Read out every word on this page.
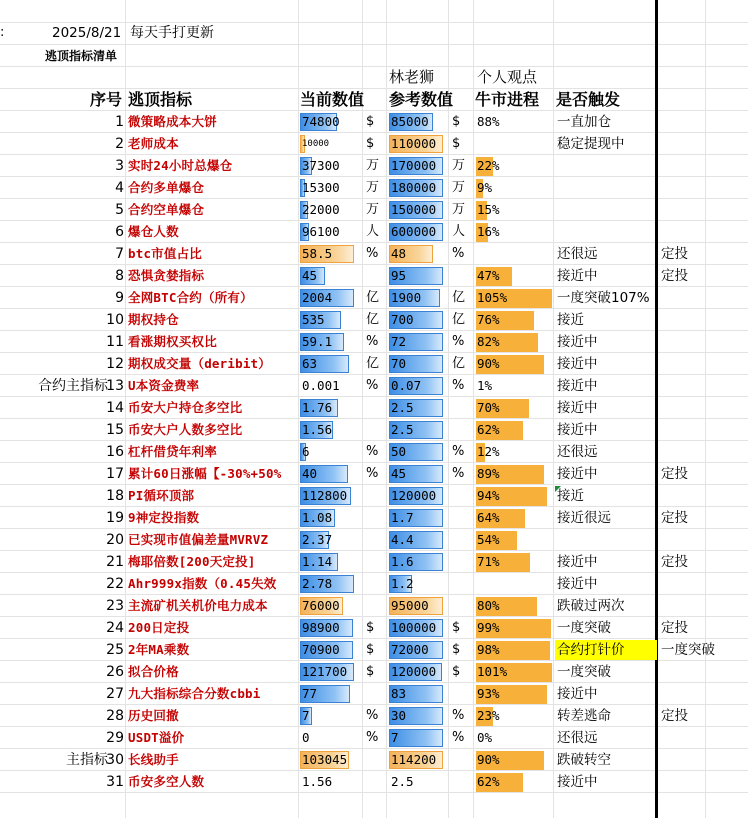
:	2025/8/21 每天手打更新
逃顶指标清单
林老狮	个人观点
序号 逃顶指标	当前数值 参考数值 牛市进程 是否触发
1 微策略成本大饼	74800 $ 85000 $ 88%	一直加仓
2 老师成本	10000	$ 110000 $	稳定提现中
3 实时24小时总爆仓	37300 万 170000 万 22%
4 合约多单爆仓	15300 万 180000 万 9%
5 合约空单爆仓	22000 万 150000 万 15%
6 爆仓人数	96100 人 600000 人 16%
7 btc市值占比	58.5	% 48	%	还很远	定投
8 恐惧贪婪指标	45	95	47%	接近中	定投
9 全网BTC合约（所有）	2004	亿 1900 亿 105%	一度突破107%
10 期权持仓	535	亿 700	亿 76%	接近
11 看涨期权买权比	59.1	% 72	% 82%	接近中
12 期权成交量（deribit） 63	亿 70	亿 90%	接近中
合约主指标
13 U本资金费率	0.001 % 0.07 % 1%	接近中
14 币安大户持仓多空比	1.76	2.5	70%	接近中
15 币安大户人数多空比	1.56	2.5	62%	接近中
16 杠杆借贷年利率	6	% 50	% 12%	还很远
17 累计60日涨幅【-30%+50% 40	% 45	% 89%	接近中	定投
18 PI循环顶部	112800	120000	94%	接近
19 9神定投指数	1.08	1.7	64%	接近很远	定投
20 已实现市值偏差量MVRVZ	2.37	4.4	54%
21 梅耶倍数[200天定投]	1.14	1.6	71%	接近中	定投
22 Ahr999x指数（0.45失效 2.78	1.2	接近中
23 主流矿机关机价电力成本	76000	95000	80%	跌破过两次
24 200日定投	98900 $ 100000 $ 99%	一度突破	定投
25 2年MA乘数	70900 $ 72000 $ 98%	合约打针价	一度突破
26 拟合价格	121700 $ 120000 $ 101%	一度突破
27 九大指标综合分数cbbi	77	83	93%	接近中
28 历史回撤	7	% 30	% 23%	转差逃命	定投
29 USDT溢价	0	% 7	% 0%	还很远
主指标
30 长线助手	103045	114200	90%	跌破转空
31 币安多空人数	1.56	2.5	62%	接近中
